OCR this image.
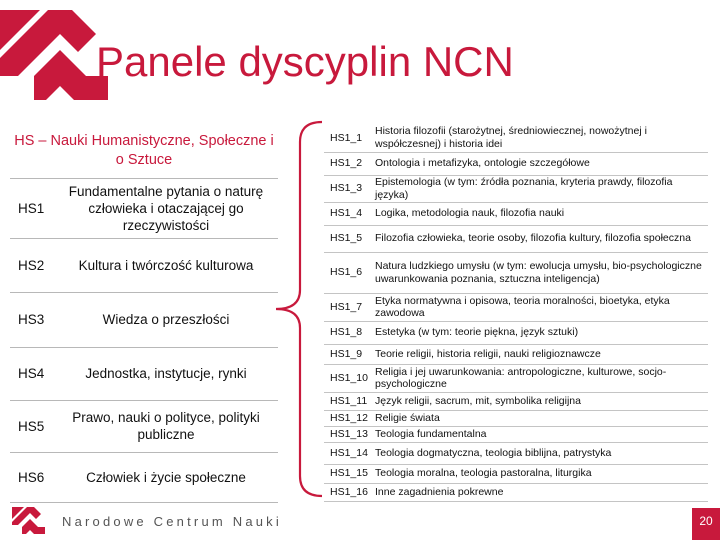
Panele dyscyplin NCN
HS – Nauki Humanistyczne, Społeczne i o Sztuce	
HS1	Fundamentalne pytania o naturę człowieka i otaczającej go rzeczywistości
HS2	Kultura i twórczość kulturowa
HS3	Wiedza o przeszłości
HS4	Jednostka, instytucje, rynki
HS5	Prawo, nauki o polityce, polityki publiczne
HS6	Człowiek i życie społeczne
HS1_1	Historia filozofii (starożytnej, średniowiecznej, nowożytnej i współczesnej) i historia idei
HS1_2	Ontologia i metafizyka, ontologie szczegółowe
HS1_3	Epistemologia (w tym: źródła poznania, kryteria prawdy, filozofia języka)
HS1_4	Logika, metodologia nauk, filozofia nauki
HS1_5	Filozofia człowieka, teorie osoby, filozofia kultury, filozofia społeczna
HS1_6	Natura ludzkiego umysłu (w tym: ewolucja umysłu, bio-psychologiczne uwarunkowania poznania, sztuczna inteligencja)
HS1_7	Etyka normatywna i opisowa, teoria moralności, bioetyka, etyka zawodowa
HS1_8	Estetyka (w tym: teorie piękna, język sztuki)
HS1_9	Teorie religii, historia religii, nauki religioznawcze
HS1_10	Religia i jej uwarunkowania: antropologiczne, kulturowe, socjo-psychologiczne
HS1_11	Język religii, sacrum, mit, symbolika religijna
HS1_12	Religie świata
HS1_13	Teologia fundamentalna
HS1_14	Teologia dogmatyczna, teologia biblijna, patrystyka
HS1_15	Teologia moralna, teologia pastoralna, liturgika
HS1_16	Inne zagadnienia pokrewne
Narodowe Centrum Nauki	20
